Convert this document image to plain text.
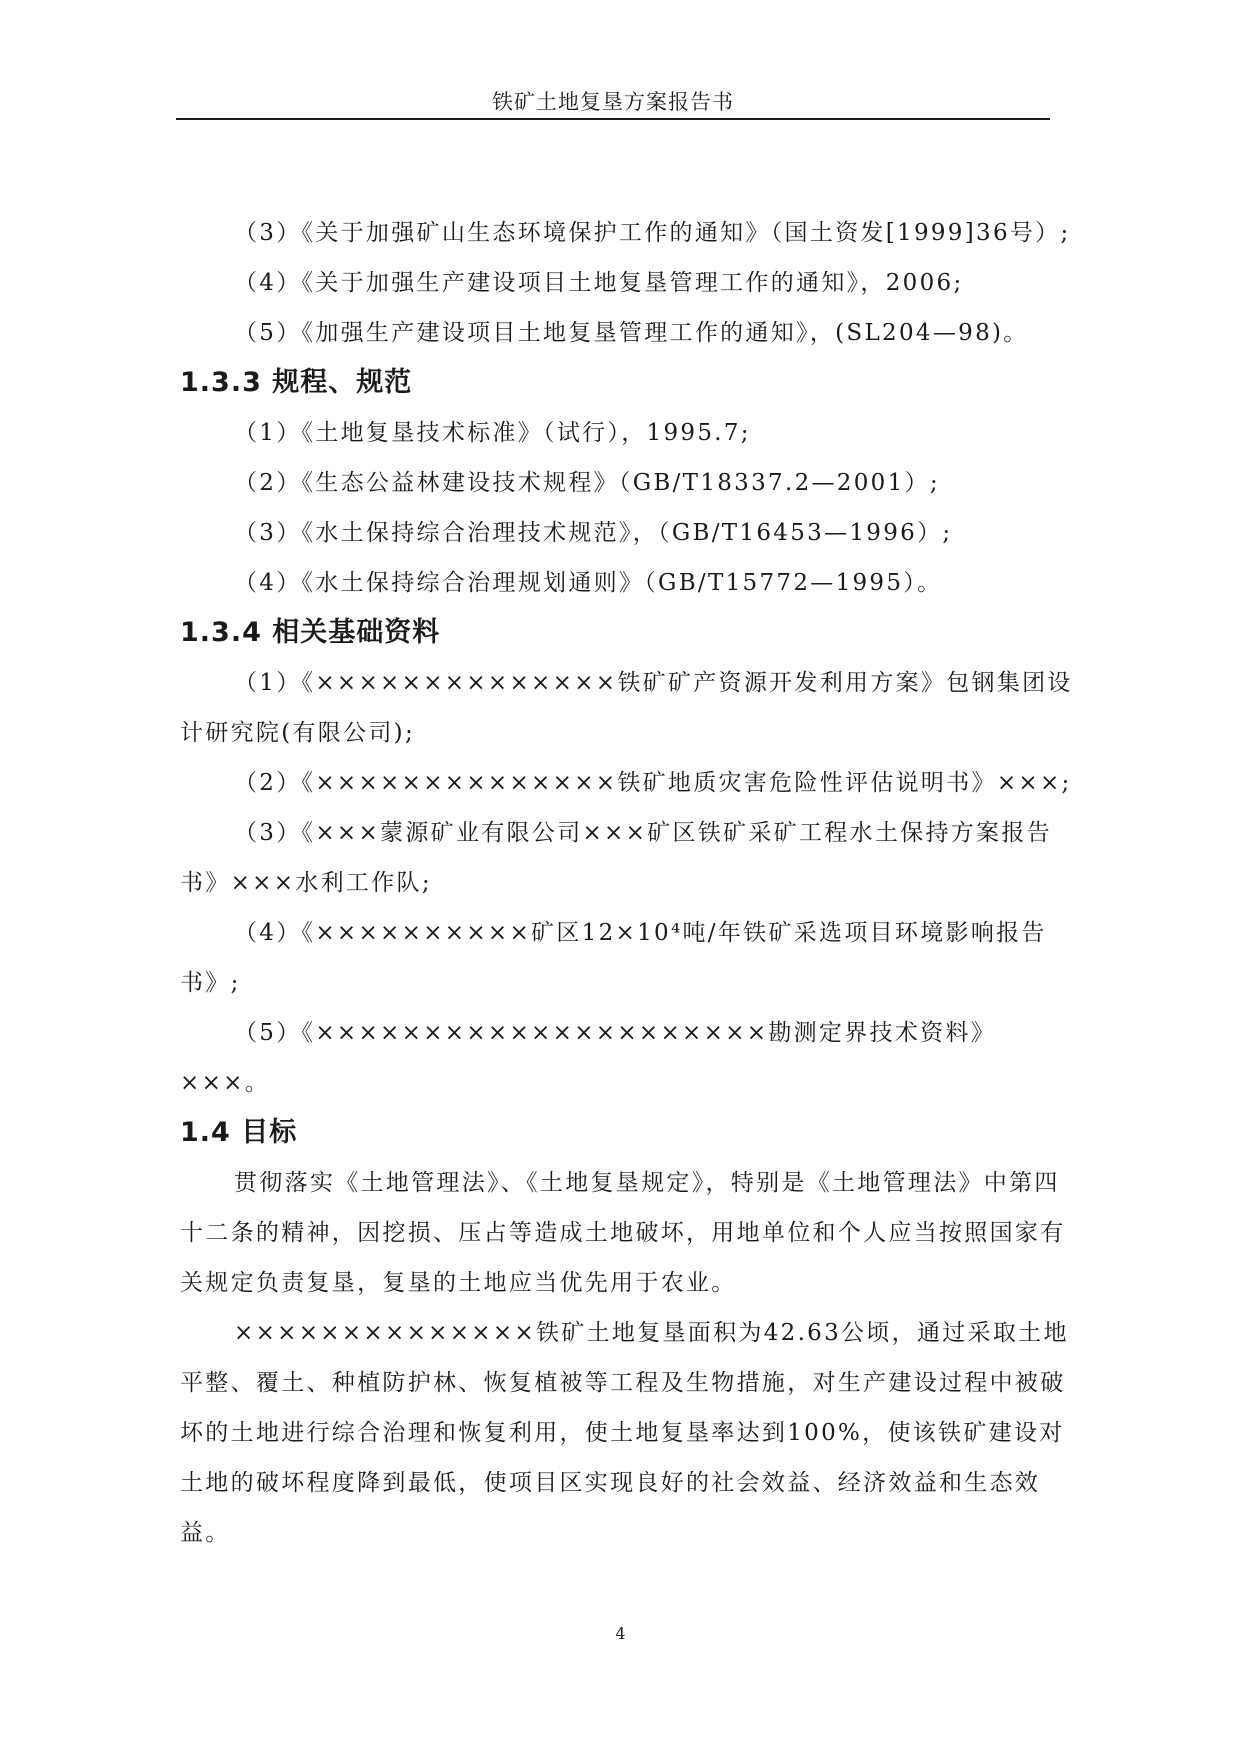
铁矿土地复垦方案报告书

（3）《关于加强矿山生态环境保护工作的通知》（国土资发[1999]36号）;

（4）《关于加强生产建设项目土地复垦管理工作的通知》，2006;

（5）《加强生产建设项目土地复垦管理工作的通知》，(SL204—98)。

1.3.3 规程、规范

（1）《土地复垦技术标准》（试行），1995.7;

（2）《生态公益林建设技术规程》（GB/T18337.2—2001）;

（3）《水土保持综合治理技术规范》，（GB/T16453—1996）;

（4）《水土保持综合治理规划通则》（GB/T15772—1995）。

1.3.4 相关基础资料

（1）《××××××××××××××铁矿矿产资源开发利用方案》包钢集团设计研究院(有限公司);

（2）《××××××××××××××铁矿地质灾害危险性评估说明书》×××;

（3）《×××蒙源矿业有限公司×××矿区铁矿采矿工程水土保持方案报告书》×××水利工作队;

（4）《××××××××××矿区12×10⁴吨/年铁矿采选项目环境影响报告书》;

（5）《×××××××××××××××××××××勘测定界技术资料》×××。

1.4 目标

贯彻落实《土地管理法》、《土地复垦规定》，特别是《土地管理法》中第四十二条的精神，因挖损、压占等造成土地破坏，用地单位和个人应当按照国家有关规定负责复垦，复垦的土地应当优先用于农业。

××××××××××××××铁矿土地复垦面积为42.63公顷，通过采取土地平整、覆土、种植防护林、恢复植被等工程及生物措施，对生产建设过程中被破坏的土地进行综合治理和恢复利用，使土地复垦率达到100%，使该铁矿建设对土地的破坏程度降到最低，使项目区实现良好的社会效益、经济效益和生态效益。

4
